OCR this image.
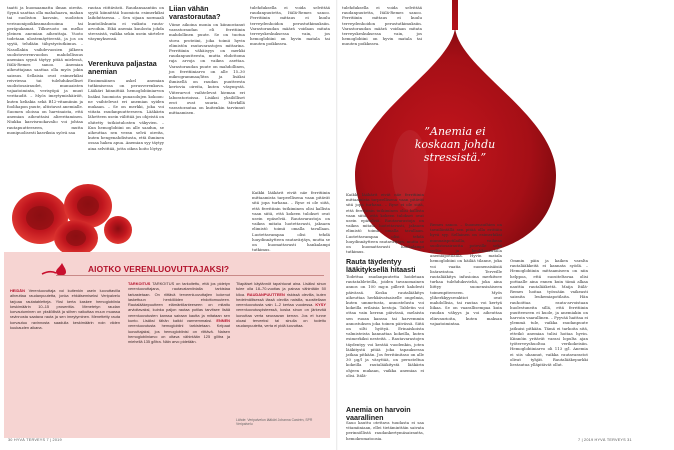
taatti ja huomaamatta ilman oireita. Syynä saattaa olla mahahaava, mahan tai suoliston kasvain, suoliston verisuonipoikkeamadosoima tai peräpukamat. Tilkuvuoto on melko yleinen anemian aiheuttaja. Vuoto todetaan ulostemäytteestä, ja jos on syytä, tehdään tähystystutkimus. – Nasollakin vaihdevuosien jälkeen suolistoverenvuodon mahdollisuus anemian syynä täytyy pitää mielessä, Itälä-Remes sanoo. Anemian aiheuttajana saattaa olla myös jokin sairaus. Sellaisia ovat esimerkiksi reivriessa tai tulehdukselliset suolistosairaudet, munuaisten vajaatoiminta, verisyöpä ja muut veritaudit. – Myös imeytymishäiriöt, kuten keliakia sekä B12-vitamiinin ja foolihapon puute, altistavat anemialle. Suomen oloissa on harvinaista, että anemian aiheuttaisi alireritaminen. Niukka kasvisruokavalio voi johtaa rautapuutteeseen, mutta monipuolisesti kasviksia syövä saa
rautaa riittävästi. Raudansaantiin on syytä kiinnittää huomiota esimerkiksi laihduttaessa. – Sen sijaan normaali kuntoiliskunta ei vaikuta rauta-arvoihin. Eikä anemia kuulosta johda stressistä, vaikka sekin usein siirtelee väsymyksensä.
Verenkuva paljastaa anemian
Ensimmäinen askel anemian tutkimisessa on perusverenkuva. Lääkäri kiinnittää hemoglobiiniarvon lisäksi huomiota punasolujen kokoon: ne vaihtelevat eri anemian syiden mukaan. – Se on merkki, joka voi viitata raudanpuutteeseen. Lääkärin lähetteen usein välittää jos ohjeistä on ohitetty tutkiotulosten väkyvien. – Kun hemoglobiini on alle saadun, se aiheuttaa sen veran selvä oireita, kuten hengenahdistusta, että ihminen ossaa hakea apua. Anemian syy täytyy aina selvittää, jotta oikea hoito löytyy.
Liian vähän varastorautaa?
Viime aikoina monia on kiinnostanut varastoraudan eli ferritiinin mahdollinen puute. Se on tuotua stova proteiini, joka toimii hyvin elimistön rautavarastojen mittarina. Ferritiinin vähäisyys on merkki raudanpuutteesta, mutta ehdottoma raja arvoja on vaikea asettaa. Varastoraudan puute on mahdollinen, jos ferritiiniarvo on alle 15–30 mikrogrammaa/litra ja lisäksi ihmisellä on raudan puutteesta kertovia oireita, kuten väsymystä. Viiterarvot vaihtelevat hieman eri laboratorioissa. Lisäksi yksilölliset erot ovat suuria. Merkillä varastorautaa on kuitenkin tarvinnut mittaamisen.
”Anemia ei koskaan johdu stressistä.”
tulehduksella ei voida selvittää raudanpuutetta, Itälä-Remes sanoo. Ferritiinin mittaus ei kuulu terveydenhoidon perustutkimuksiin. Varastoraudan määrä voidaan mitata terveyskeskuksessa vain, jos hemoglobiini on hyvin matala tai muuten poikkeava.
Kaikki lääkärit eivät näe ferritiinin mittaamista tarpeellisena vaan pitävät sitä jopa turhana. – Ryse ei ole siitä, että ferritiinin tutkiminen olisi kallista vaan siitä, että kokeen tulokset ovat usein epäselviä. Rautavarastoja on vaikea mitata luotettavasti, jaksaen elimistö toimii omalla tavallaan. Luotettavampaa olisi tehdä luuydinnäytteen rautavärjäys, mutta se on huomattavasti hankalampi tutkimus.
tulehduksella ei voida selvittää raudanpuutetta, Itälä-Remes sanoo. Ferritiinin mittaus ei kuulu terveydenhoidon perustutkimuksiin. Varastoraudan määrä voidaan mitata terveyskeskuksessa vain, jos hemoglobiini on hyvin matala tai muuten poikkeava.
AIOTKO VERENLUOVUTTAJAKSI?
HEIDÄN Verenluovuttaja voi kuitenkin usein luovuttavilla aiheuttaa raudanpuutetta, jonka ehkäisemiseksi Veripalvelu tarjoaa rautatabletteja. Yksi kerta kaskee hemoglobiinia keskimäärin 10–15 prosenttia. Menetetyn raudan korvautuminen on yksilöllistä ja siihen vaikuttaa muun muassa ravinnosta saatava rauta ja sen imeytyminen. Menettetty rauta korvautuu ravinnosta saadulla keskimäärin noin viiden kuukauden aikana.
TARKOITUS TARKOITUS on tarkoitettu, että jos pidetyn verenluovuttajana, rautavatamiinialla tarkistaa tarkastetaan. On riittävä terveenluovuttajien kokenut laskettuun henkilöiden ehdottomuuteen. Rautalääkepuutteen elämäntilanteeseen on mitattu arvioitavaksi, kuinka paljon rautaa potilas tarvitsee lisää verenluovutusten kanssa sairaan kautta ja mitataan sen kunto. Lisäksi tähän kaikki varmemmaksi. ENNEN verenluovutusta hemoglobiini tarkistetaan. Kelpaat luovuttajaksi, jos hemoglobiinisi on riittävä. Naisen hemoglobiiniarvo on oltava vähintään 125 g/litra ja miehellä 135 g/litra. Näin arvo pidetään.
Tilapäiset käytännöt tapahtuvat aina. Lisäksi sinun tulee olla 18–70-vuotias ja painaa vähintään 50 kiloa. RAUDANPUUTTEEN riskissä olevilla, kuten hedelmällisessä iässä olevilla naisilla, suositellaan verenluovutusta vain 1–2 kertaa vuodessa. KYSY verenluovutuspisteessä, koska sinun on järkevää luovuttaa verta seuraavan kerran. Jos et tunne oloasi terveeksi tai sinulla on todettu raudanpuutetta, verta ei pidä luovuttaa.
Lähde: Veripalvelun lääkäri Johanna Castrén, SPR Veripalvelu
Kaikki lääkärit eivät näe ferritiinin mittaamista tarpeellisena vaan pitävät sitä jopa turhana. – Ryse ei ole siitä, että ferritiinin tutkiminen olisi kallista vaan siitä, että kokeen tulokset ovat usein epäselviä. Rautavarastoja on vaikea mitata luotettavasti, jaksaen elimistö toimii omalla tavallaan. Luotettavampaa olisi tehdä luuydinnäytteen rautavärjäys, mutta se on huomattavasti hankalampi tutkimus.
Rauta täydentyy lääkityksellä hitaasti
Todettua raudanpuutetta hoidetaan rautatableteilla, joiden tavanomainen annos on 100 mg:n pillerit kahdesti päivässä. Koska rautalääkitys aiheuttaa herkkävatsaiselle ongelmia, kuten ummetusta, annostelusta voi kokeilla erilaisia kestoja. Tabletin voi ottaa vain kerran päivässä, melaista sen ruoan kanssa tai harvemmin annostuksen joka toinen päivässä. Siitä on silti hyötyä. Erinaiskoista valmisteista kannattaa kokeilla, kuten esimerkiksi nesteitä. – Rautavarastojen täydentyy voi kestää vuodenkin, joten lääkitystä pitää joka tapauksessa jatkaa pitkään. Jos ferritiinitaso on alle 30 µg/l ja väsyttää, on perusteltua kokeilla rautalääkitystä lääkärin ohjeen mukaan, vaikka anemiaa ei olisi. Itälä-
Anemia on harvoin vaarallinen
Sauo kauttu otettava tuudasta ei saa vitamiiniaan, ellei tietäminttäin saivata perinnöllistä raudankertymäsairautta, hemokromatoosia.
Remes sanoo. – Suomensuihien on tavailäntällä sen pitää olla erittäin hyvä syy. Sellainen on esimerkiksi munuaispotilailla, vaikeaa suolistosairautta poteville sekä sydän- ja keuhkosairailla anemiapotilailla. Hyvin matala hemoglobiini on häilää tilanne, joka voi vaatia suonensisäisiä lisäravintoa. – Terveille rautalääkitys infusioina merkitsee turhaa tulehduksvieliä, joka aina liittyy suonensisäiseen toimenpiteeseen. Myös yliherkkyysreaktiot ovat mahdollisia, tai rautaa voi kertyä liikaa. Se on vaarallisempaa kuin raudan vähyys ja voi aiheuttaa elinvaurioita, kuten maksan vajaatoimintaa.
Ommin päin ja kaiken varalta rautalääkkeitä ei kannata syödä. – Hemoglobiinin mittaamiseen on niin helppoa, että suositeltavaa olisi pottaalle aina ennen kuin tämä alkaa nauttia rautalääkettä. Maija Itälä-Remes hoitaa työssään vaikeasti sairaita leukemiapotilaita. Hän rauhoittaa rauta-arvoistaan huolestuneita sillä, että ferritiinin puutteeseen ei kuole, ja anemiakin on harvoin vaarallinen. – Pyyvää haittaa ei ylemmä tule, vaikka raudanpuute jatkuisi pitkään. Tämä ei tarkoita sitä, etteikö anemiaa tulisi hoitaa hyvin. Kiinnöin yritävät varasi lopulta ajan työterveyshuoltoa verikokeisiin. Hemoglobiiniarvo oli 113 g/l. Anemia ei siis uhannut, vaikka rautavarastot olivat tyhjät. Rautalääkepurkki liestautua ylläpitävät ollut.
30 HYVÄ TERVEYS 7 | 2019	7 | 2019 HYVÄ TERVEYS 31
